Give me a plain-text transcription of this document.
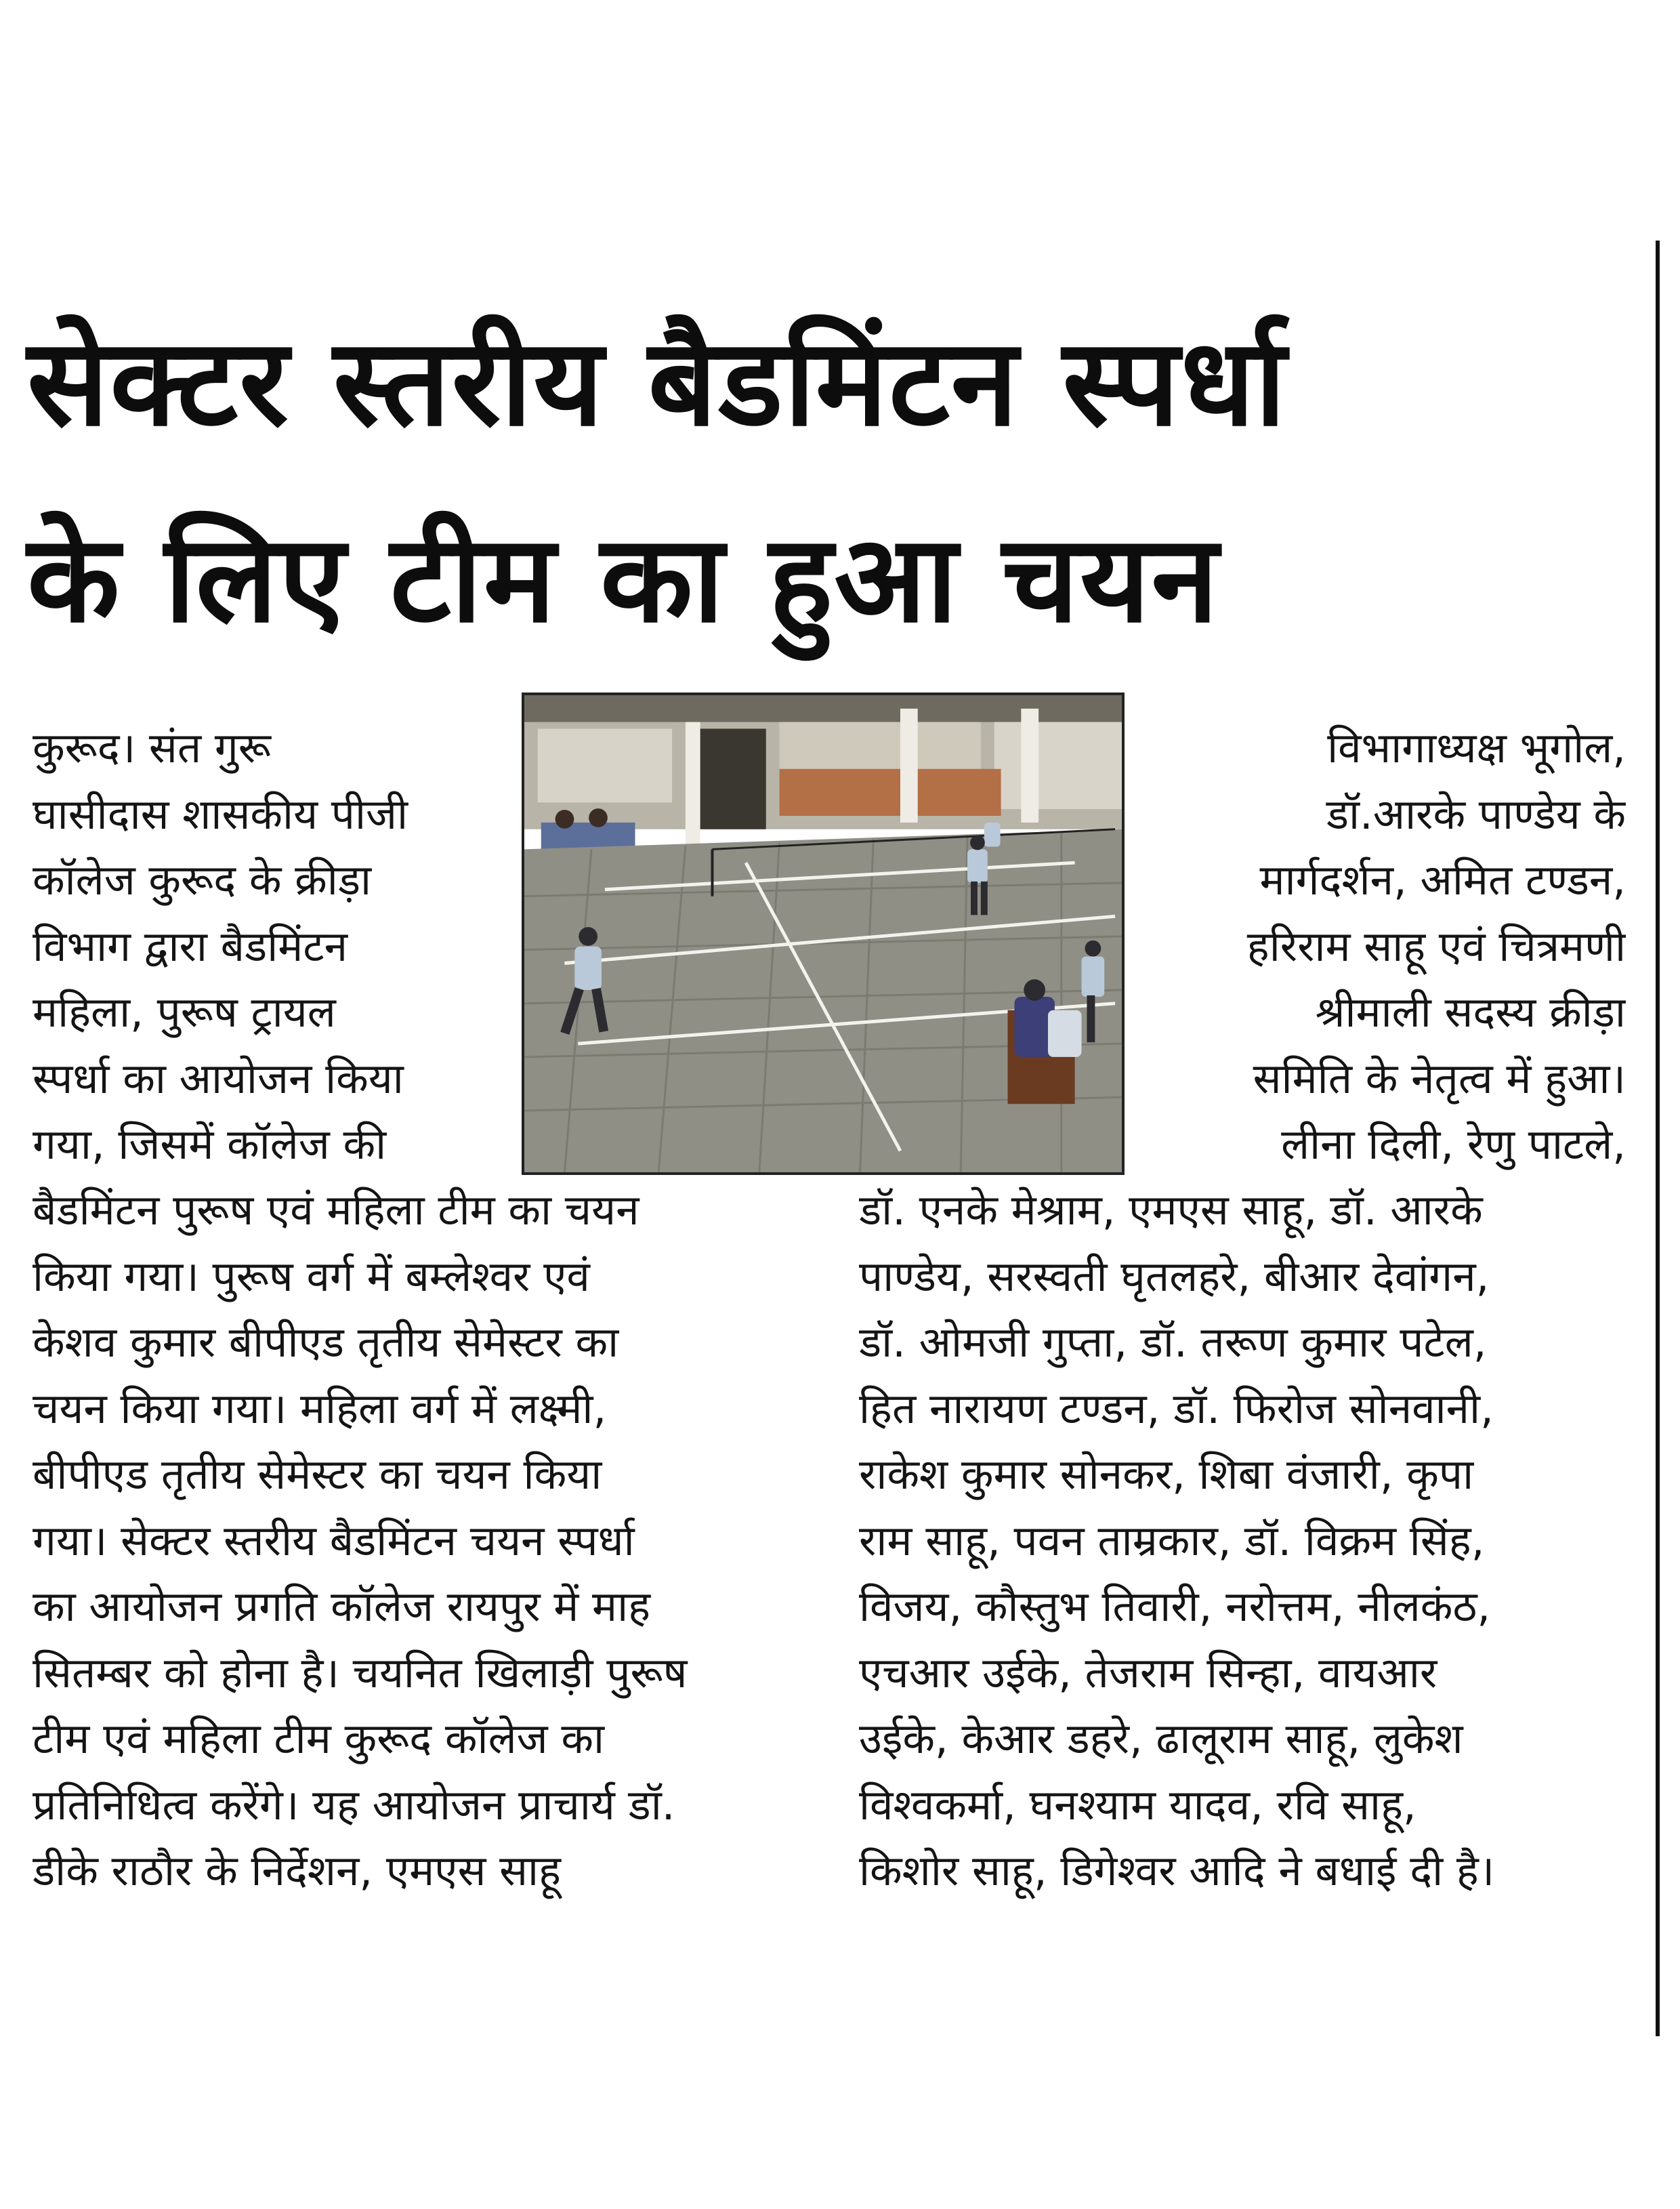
सेक्टर स्तरीय बैडमिंटन स्पर्धा
के लिए टीम का हुआ चयन
कुरूद। संत गुरू
घासीदास शासकीय पीजी
कॉलेज कुरूद के क्रीड़ा
विभाग द्वारा बैडमिंटन
महिला, पुरूष ट्रायल
स्पर्धा का आयोजन किया
गया, जिसमें कॉलेज की
विभागाध्यक्ष भूगोल,
डॉ.आरके पाण्डेय के
मार्गदर्शन, अमित टण्डन,
हरिराम साहू एवं चित्रमणी
श्रीमाली सदस्य क्रीड़ा
समिति के नेतृत्व में हुआ।
लीना दिली, रेणु पाटले,
बैडमिंटन पुरूष एवं महिला टीम का चयन
किया गया। पुरूष वर्ग में बम्लेश्वर एवं
केशव कुमार बीपीएड तृतीय सेमेस्टर का
चयन किया गया। महिला वर्ग में लक्ष्मी,
बीपीएड तृतीय सेमेस्टर का चयन किया
गया। सेक्टर स्तरीय बैडमिंटन चयन स्पर्धा
का आयोजन प्रगति कॉलेज रायपुर में माह
सितम्बर को होना है। चयनित खिलाड़ी पुरूष
टीम एवं महिला टीम कुरूद कॉलेज का
प्रतिनिधित्व करेंगे। यह आयोजन प्राचार्य डॉ.
डीके राठौर के निर्देशन, एमएस साहू
डॉ. एनके मेश्राम, एमएस साहू, डॉ. आरके
पाण्डेय, सरस्वती घृतलहरे, बीआर देवांगन,
डॉ. ओमजी गुप्ता, डॉ. तरूण कुमार पटेल,
हित नारायण टण्डन, डॉ. फिरोज सोनवानी,
राकेश कुमार सोनकर, शिबा वंजारी, कृपा
राम साहू, पवन ताम्रकार, डॉ. विक्रम सिंह,
विजय, कौस्तुभ तिवारी, नरोत्तम, नीलकंठ,
एचआर उईके, तेजराम सिन्हा, वायआर
उईके, केआर डहरे, ढालूराम साहू, लुकेश
विश्वकर्मा, घनश्याम यादव, रवि साहू,
किशोर साहू, डिगेश्वर आदि ने बधाई दी है।
